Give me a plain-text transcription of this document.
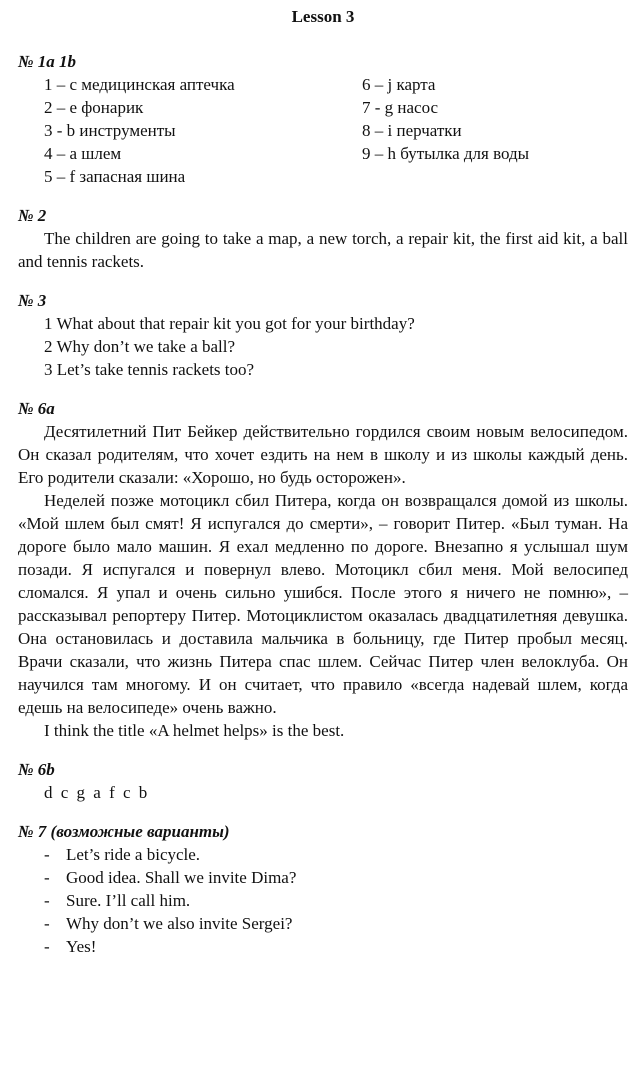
Lesson 3
№ 1a 1b
1 – c медицинская аптечка
2 – e фонарик
3 - b инструменты
4 – a шлем
5 – f запасная шина
6 – j карта
7 - g насос
8 – i перчатки
9 – h бутылка для воды
№ 2

The children are going to take a map, a new torch, a repair kit, the first aid kit, a ball and tennis rackets.

№ 3
1 What about that repair kit you got for your birthday?
2 Why don’t we take a ball?
3 Let’s take tennis rackets too?
№ 6a

Десятилетний Пит Бейкер действительно гордился своим новым велосипедом. Он сказал родителям, что хочет ездить на нем в школу и из школы каждый день. Его родители сказали: «Хорошо, но будь осторожен».

Неделей позже мотоцикл сбил Питера, когда он возвращался домой из школы. «Мой шлем был смят! Я испугался до смерти», – говорит Питер. «Был туман. На дороге было мало машин. Я ехал медленно по дороге. Внезапно я услышал шум позади. Я испугался и повернул влево. Мотоцикл сбил меня. Мой велосипед сломался. Я упал и очень сильно ушибся. После этого я ничего не помню», – рассказывал репортеру Питер. Мотоциклистом оказалась двадцатилетняя девушка. Она остановилась и доставила мальчика в больницу, где Питер пробыл месяц. Врачи сказали, что жизнь Питера спас шлем. Сейчас Питер член велоклуба. Он научился там многому. И он считает, что правило «всегда надевай шлем, когда едешь на велосипеде» очень важно.

I think the title «A helmet helps» is the best.

№ 6b
d c g a f c b
№ 7 (возможные варианты)
- Let’s ride a bicycle.
- Good idea. Shall we invite Dima?
- Sure. I’ll call him.
- Why don’t we also invite Sergei?
- Yes!
